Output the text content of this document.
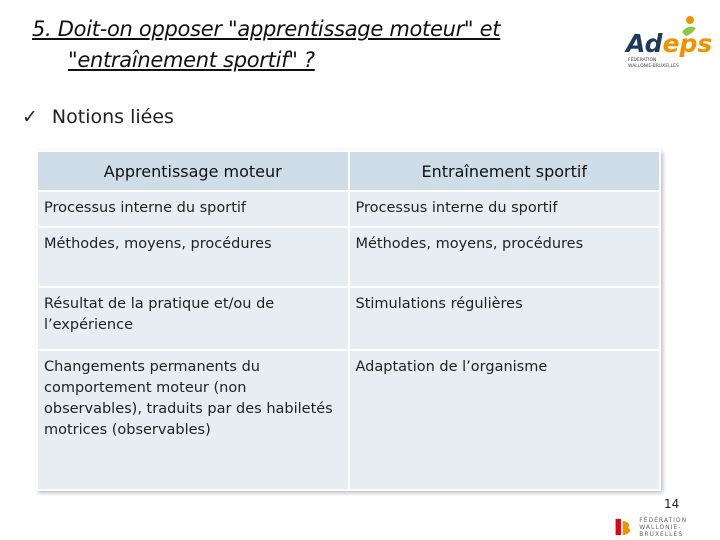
5. Doit-on opposer "apprentissage moteur" et
"entraînement sportif" ?
Adeps
FÉDÉRATION
WALLONIE-BRUXELLES
✓ Notions liées
Apprentissage moteur	Entraînement sportif
Processus interne du sportif	Processus interne du sportif
Méthodes, moyens, procédures	Méthodes, moyens, procédures
Résultat de la pratique et/ou de l’expérience	Stimulations régulières
Changements permanents du comportement moteur (non observables), traduits par des habiletés motrices (observables)	Adaptation de l’organisme
14
FÉDÉRATION
WALLONIE-BRUXELLES
